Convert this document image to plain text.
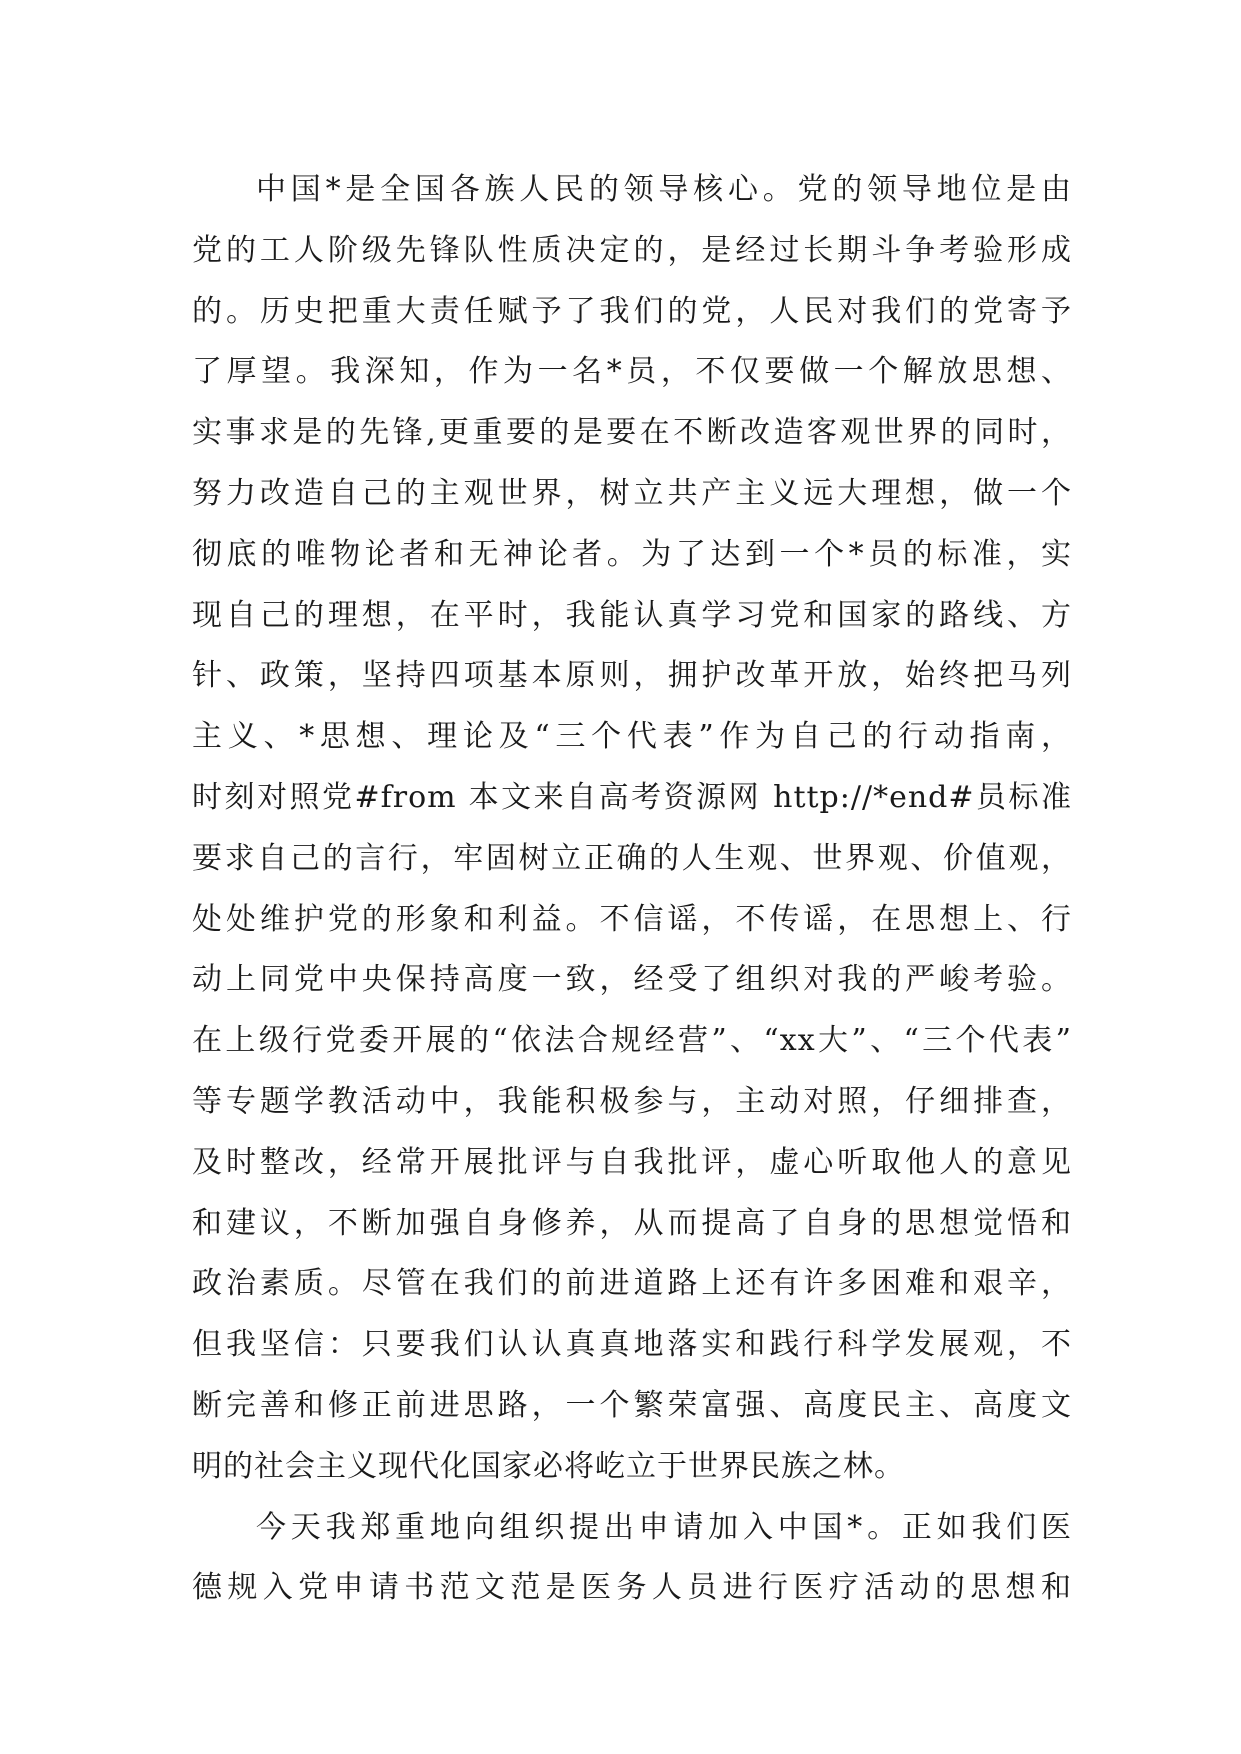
中国*是全国各族人民的领导核心。党的领导地位是由
党的工人阶级先锋队性质决定的，是经过长期斗争考验形成
的。历史把重大责任赋予了我们的党，人民对我们的党寄予
了厚望。我深知，作为一名*员，不仅要做一个解放思想、
实事求是的先锋,更重要的是要在不断改造客观世界的同时，
努力改造自己的主观世界，树立共产主义远大理想，做一个
彻底的唯物论者和无神论者。为了达到一个*员的标准，实
现自己的理想，在平时，我能认真学习党和国家的路线、方
针、政策，坚持四项基本原则，拥护改革开放，始终把马列
主义、*思想、理论及“三个代表”作为自己的行动指南，
时刻对照党#from 本文来自高考资源网 http://*end#员标准
要求自己的言行，牢固树立正确的人生观、世界观、价值观，
处处维护党的形象和利益。不信谣，不传谣，在思想上、行
动上同党中央保持高度一致，经受了组织对我的严峻考验。
在上级行党委开展的“依法合规经营”、“xx大”、“三个代表”
等专题学教活动中，我能积极参与，主动对照，仔细排查，
及时整改，经常开展批评与自我批评，虚心听取他人的意见
和建议，不断加强自身修养，从而提高了自身的思想觉悟和
政治素质。尽管在我们的前进道路上还有许多困难和艰辛，
但我坚信：只要我们认认真真地落实和践行科学发展观，不
断完善和修正前进思路，一个繁荣富强、高度民主、高度文
明的社会主义现代化国家必将屹立于世界民族之林。
今天我郑重地向组织提出申请加入中国*。正如我们医
德规入党申请书范文范是医务人员进行医疗活动的思想和
